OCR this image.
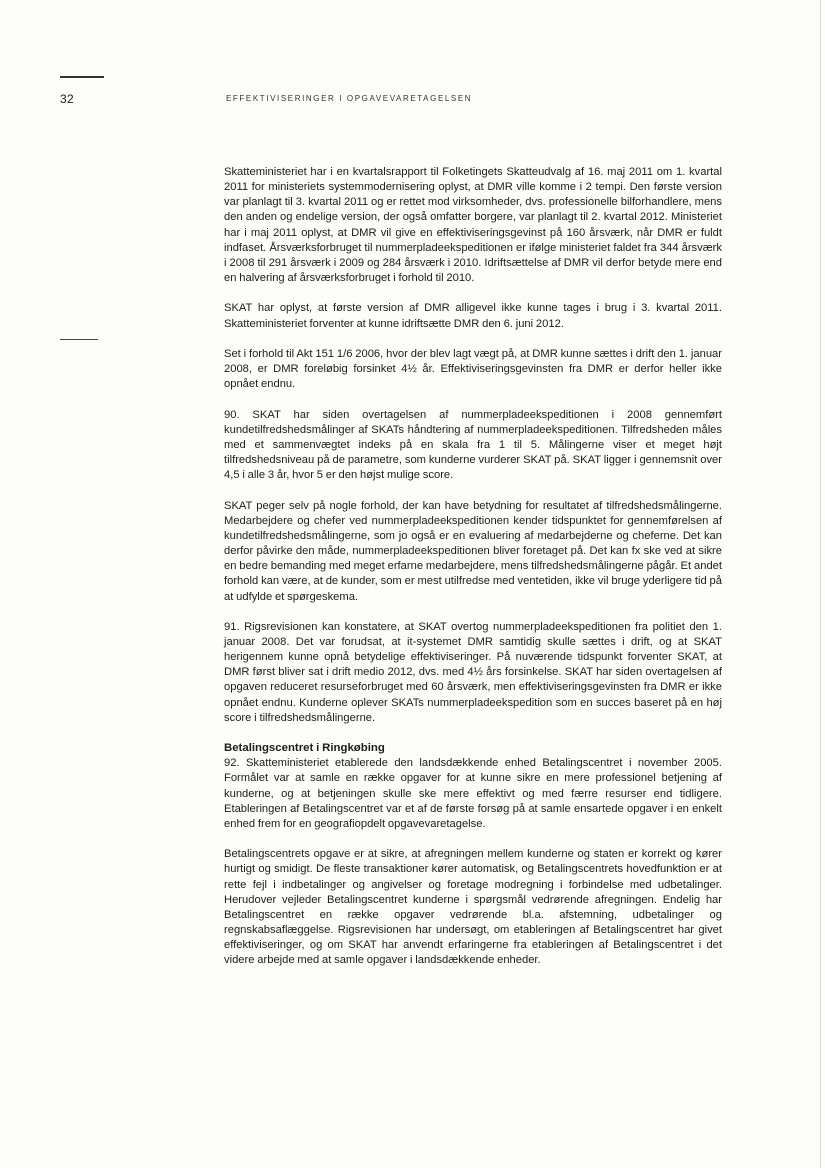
32	EFFEKTIVISERINGER I OPGAVEVARETAGELSEN

Skatteministeriet har i en kvartalsrapport til Folketingets Skatteudvalg af 16. maj 2011 om 1. kvartal 2011 for ministeriets systemmodernisering oplyst, at DMR ville komme i 2 tempi. Den første version var planlagt til 3. kvartal 2011 og er rettet mod virksomheder, dvs. professionelle bilforhandlere, mens den anden og endelige version, der også omfatter borgere, var planlagt til 2. kvartal 2012. Ministeriet har i maj 2011 oplyst, at DMR vil give en effektiviseringsgevinst på 160 årsværk, når DMR er fuldt indfaset. Årsværksforbruget til nummerpladeekspeditionen er ifølge ministeriet faldet fra 344 årsværk i 2008 til 291 årsværk i 2009 og 284 årsværk i 2010. Idriftsættelse af DMR vil derfor betyde mere end en halvering af årsværksforbruget i forhold til 2010.

SKAT har oplyst, at første version af DMR alligevel ikke kunne tages i brug i 3. kvartal 2011. Skatteministeriet forventer at kunne idriftsætte DMR den 6. juni 2012.

Set i forhold til Akt 151 1/6 2006, hvor der blev lagt vægt på, at DMR kunne sættes i drift den 1. januar 2008, er DMR foreløbig forsinket 4½ år. Effektiviseringsgevinsten fra DMR er derfor heller ikke opnået endnu.

90. SKAT har siden overtagelsen af nummerpladeekspeditionen i 2008 gennemført kundetilfredshedsmålinger af SKATs håndtering af nummerpladeekspeditionen. Tilfredsheden måles med et sammenvægtet indeks på en skala fra 1 til 5. Målingerne viser et meget højt tilfredshedsniveau på de parametre, som kunderne vurderer SKAT på. SKAT ligger i gennemsnit over 4,5 i alle 3 år, hvor 5 er den højst mulige score.

SKAT peger selv på nogle forhold, der kan have betydning for resultatet af tilfredshedsmålingerne. Medarbejdere og chefer ved nummerpladeekspeditionen kender tidspunktet for gennemførelsen af kundetilfredshedsmålingerne, som jo også er en evaluering af medarbejderne og cheferne. Det kan derfor påvirke den måde, nummerpladeekspeditionen bliver foretaget på. Det kan fx ske ved at sikre en bedre bemanding med meget erfarne medarbejdere, mens tilfredshedsmålingerne pågår. Et andet forhold kan være, at de kunder, som er mest utilfredse med ventetiden, ikke vil bruge yderligere tid på at udfylde et spørgeskema.

91. Rigsrevisionen kan konstatere, at SKAT overtog nummerpladeekspeditionen fra politiet den 1. januar 2008. Det var forudsat, at it-systemet DMR samtidig skulle sættes i drift, og at SKAT herigennem kunne opnå betydelige effektiviseringer. På nuværende tidspunkt forventer SKAT, at DMR først bliver sat i drift medio 2012, dvs. med 4½ års forsinkelse. SKAT har siden overtagelsen af opgaven reduceret resurseforbruget med 60 årsværk, men effektiviseringsgevinsten fra DMR er ikke opnået endnu. Kunderne oplever SKATs nummerpladeekspedition som en succes baseret på en høj score i tilfredshedsmålingerne.

Betalingscentret i Ringkøbing

92. Skatteministeriet etablerede den landsdækkende enhed Betalingscentret i november 2005. Formålet var at samle en række opgaver for at kunne sikre en mere professionel betjening af kunderne, og at betjeningen skulle ske mere effektivt og med færre resurser end tidligere. Etableringen af Betalingscentret var et af de første forsøg på at samle ensartede opgaver i en enkelt enhed frem for en geografiopdelt opgavevaretagelse.

Betalingscentrets opgave er at sikre, at afregningen mellem kunderne og staten er korrekt og kører hurtigt og smidigt. De fleste transaktioner kører automatisk, og Betalingscentrets hovedfunktion er at rette fejl i indbetalinger og angivelser og foretage modregning i forbindelse med udbetalinger. Herudover vejleder Betalingscentret kunderne i spørgsmål vedrørende afregningen. Endelig har Betalingscentret en række opgaver vedrørende bl.a. afstemning, udbetalinger og regnskabsaflæggelse. Rigsrevisionen har undersøgt, om etableringen af Betalingscentret har givet effektiviseringer, og om SKAT har anvendt erfaringerne fra etableringen af Betalingscentret i det videre arbejde med at samle opgaver i landsdækkende enheder.
